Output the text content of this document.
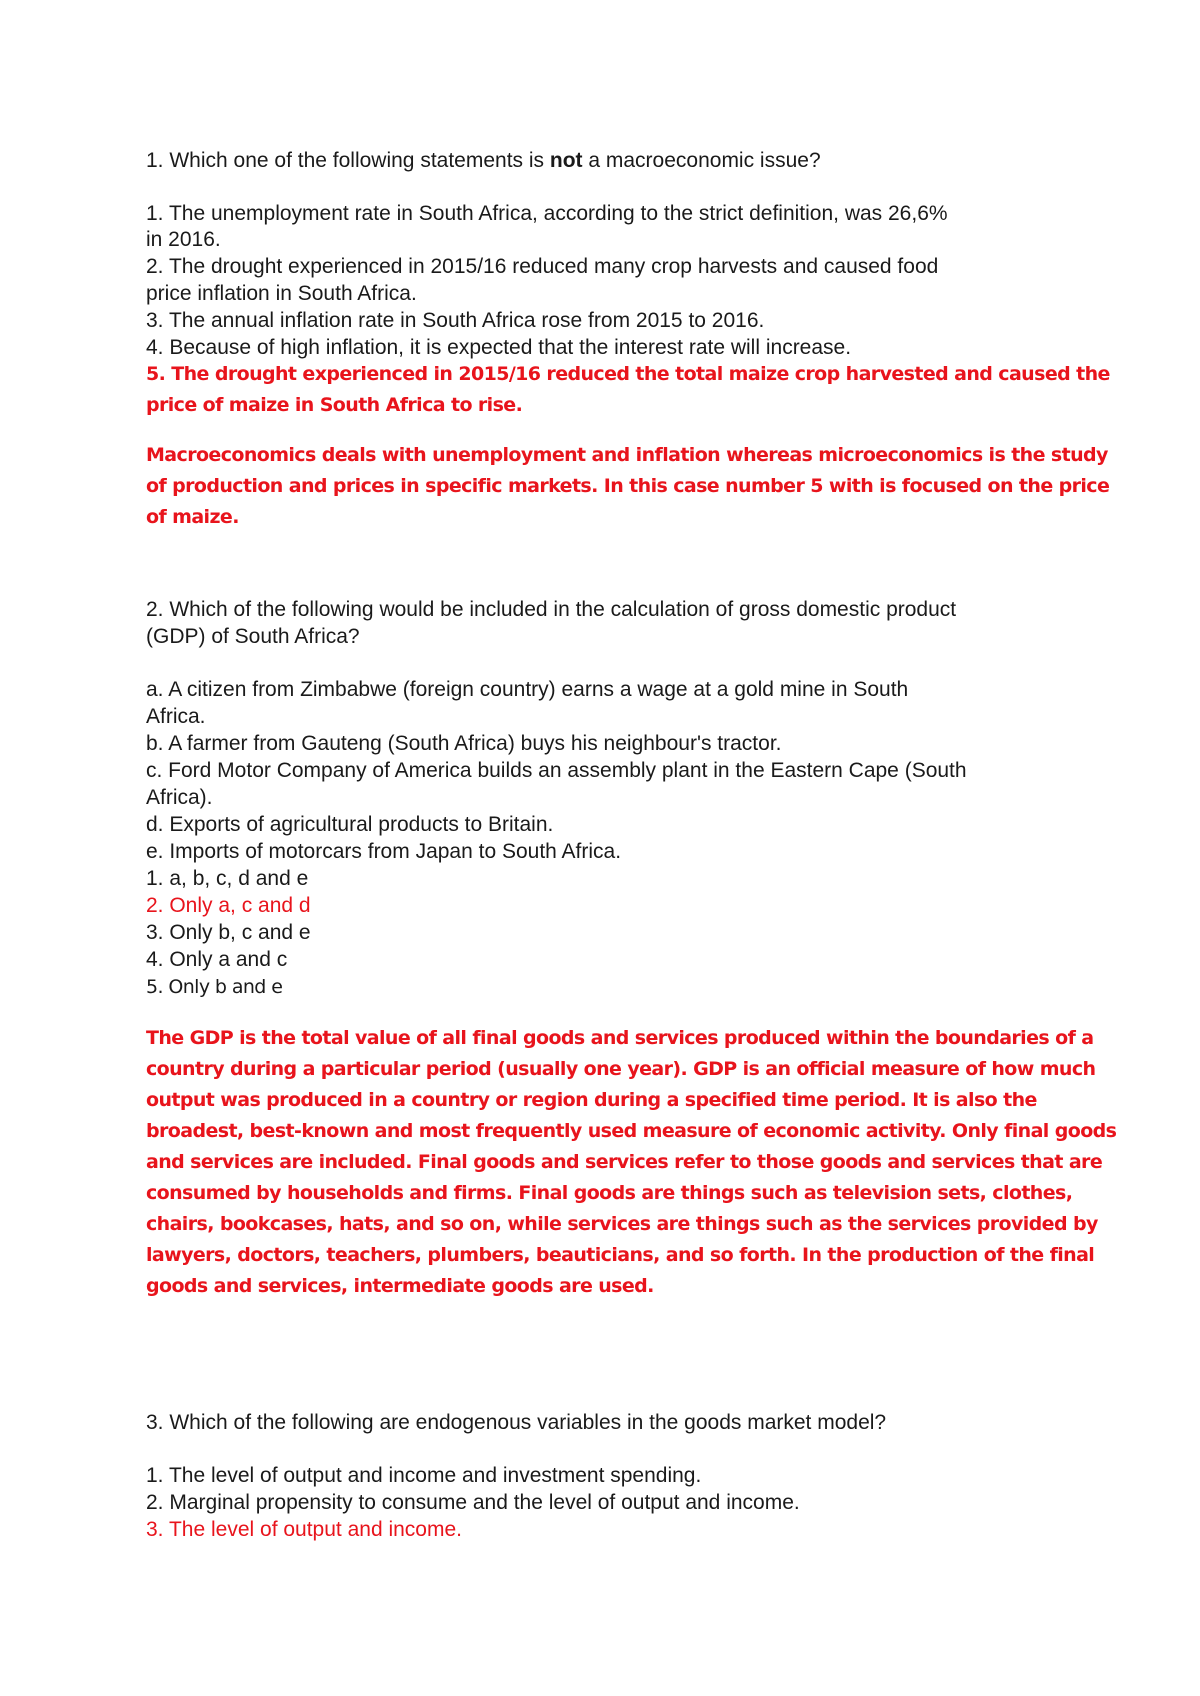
1. Which one of the following statements is not a macroeconomic issue?
1. The unemployment rate in South Africa, according to the strict definition, was 26,6%
in 2016.
2. The drought experienced in 2015/16 reduced many crop harvests and caused food
price inflation in South Africa.
3. The annual inflation rate in South Africa rose from 2015 to 2016.
4. Because of high inflation, it is expected that the interest rate will increase.
5. The drought experienced in 2015/16 reduced the total maize crop harvested and caused the
price of maize in South Africa to rise.
Macroeconomics deals with unemployment and inflation whereas microeconomics is the study
of production and prices in specific markets. In this case number 5 with is focused on the price
of maize.
2. Which of the following would be included in the calculation of gross domestic product
(GDP) of South Africa?
a. A citizen from Zimbabwe (foreign country) earns a wage at a gold mine in South
Africa.
b. A farmer from Gauteng (South Africa) buys his neighbour's tractor.
c. Ford Motor Company of America builds an assembly plant in the Eastern Cape (South
Africa).
d. Exports of agricultural products to Britain.
e. Imports of motorcars from Japan to South Africa.
1. a, b, c, d and e
2. Only a, c and d
3. Only b, c and e
4. Only a and c
5. Only b and e
The GDP is the total value of all final goods and services produced within the boundaries of a
country during a particular period (usually one year). GDP is an official measure of how much
output was produced in a country or region during a specified time period. It is also the
broadest, best-known and most frequently used measure of economic activity. Only final goods
and services are included. Final goods and services refer to those goods and services that are
consumed by households and firms. Final goods are things such as television sets, clothes,
chairs, bookcases, hats, and so on, while services are things such as the services provided by
lawyers, doctors, teachers, plumbers, beauticians, and so forth. In the production of the final
goods and services, intermediate goods are used.
3. Which of the following are endogenous variables in the goods market model?
1. The level of output and income and investment spending.
2. Marginal propensity to consume and the level of output and income.
3. The level of output and income.
